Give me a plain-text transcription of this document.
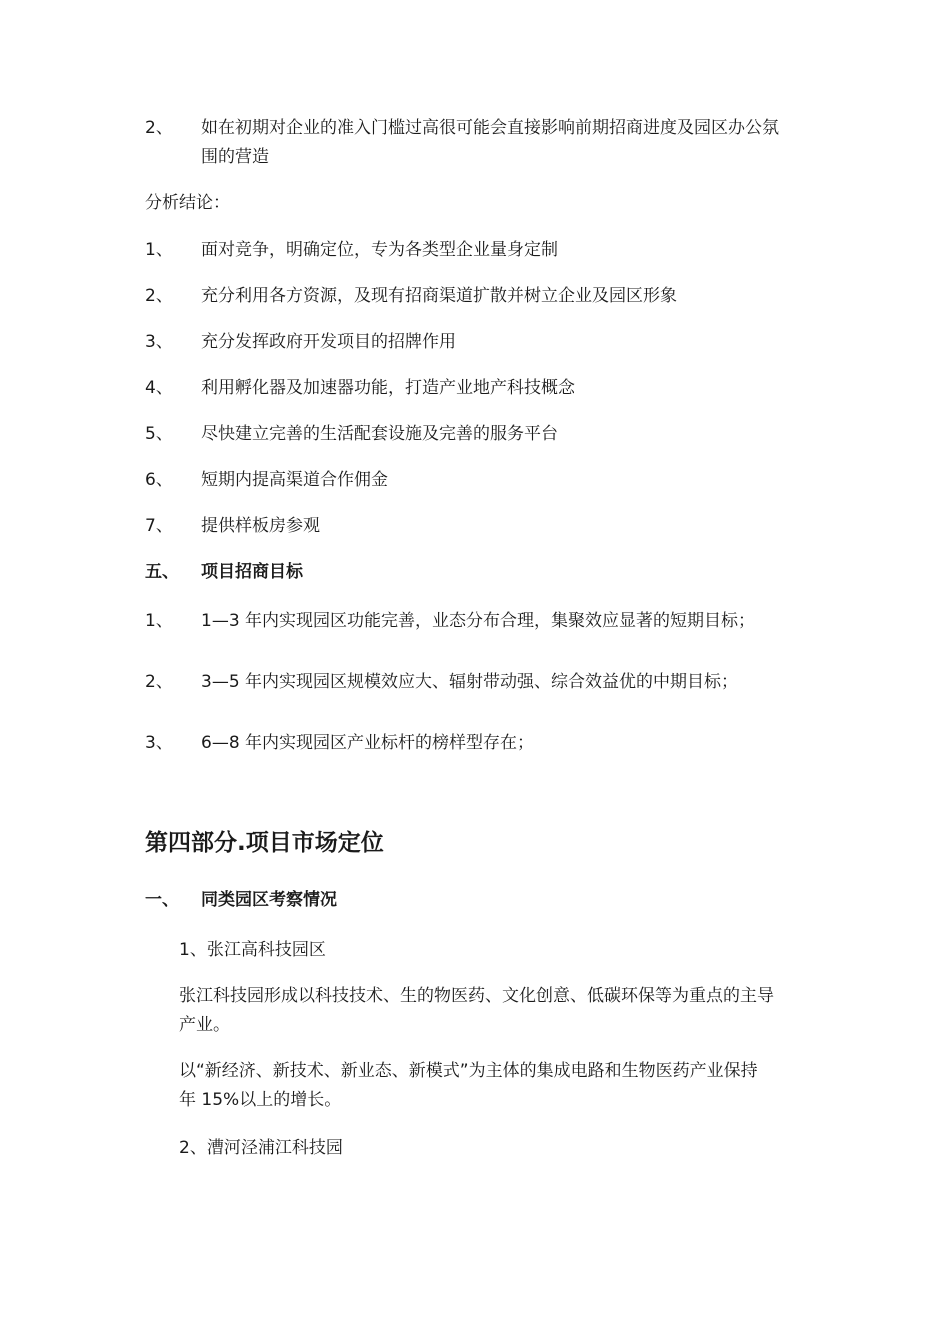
2、 如在初期对企业的准入门槛过高很可能会直接影响前期招商进度及园区办公氛
围的营造
分析结论：
1、 面对竞争，明确定位，专为各类型企业量身定制
2、 充分利用各方资源，及现有招商渠道扩散并树立企业及园区形象
3、 充分发挥政府开发项目的招牌作用
4、 利用孵化器及加速器功能，打造产业地产科技概念
5、 尽快建立完善的生活配套设施及完善的服务平台
6、 短期内提高渠道合作佣金
7、 提供样板房参观
五、 项目招商目标
1、 1—3 年内实现园区功能完善，业态分布合理，集聚效应显著的短期目标；
2、 3—5 年内实现园区规模效应大、辐射带动强、综合效益优的中期目标；
3、 6—8 年内实现园区产业标杆的榜样型存在；
第四部分.项目市场定位
一、 同类园区考察情况
1、张江高科技园区
张江科技园形成以科技技术、生的物医药、文化创意、低碳环保等为重点的主导
产业。
以“新经济、新技术、新业态、新模式”为主体的集成电路和生物医药产业保持
年 15%以上的增长。
2、漕河泾浦江科技园
